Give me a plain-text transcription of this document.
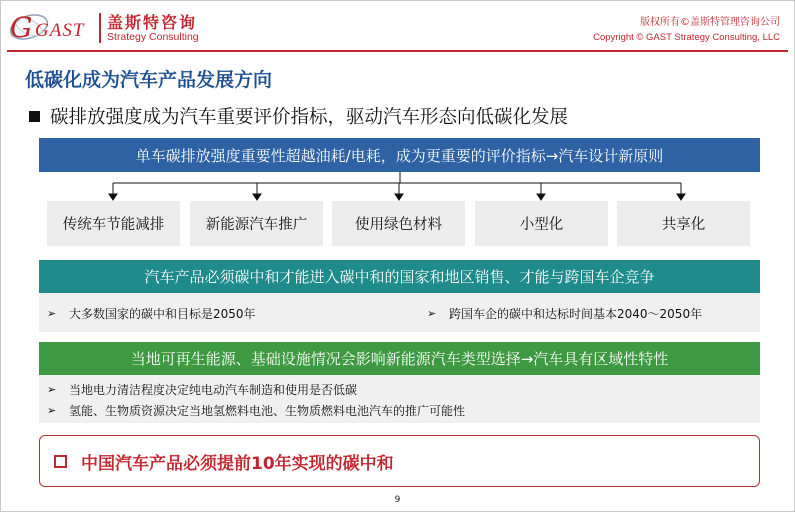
G GAST 盖斯特咨询
Strategy Consulting
版权所有©盖斯特管理咨询公司
Copyright © GAST Strategy Consulting, LLC
低碳化成为汽车产品发展方向
碳排放强度成为汽车重要评价指标，驱动汽车形态向低碳化发展
单车碳排放强度重要性超越油耗/电耗，成为更重要的评价指标→汽车设计新原则
传统车节能减排	新能源汽车推广	使用绿色材料	小型化	共享化
汽车产品必须碳中和才能进入碳中和的国家和地区销售、才能与跨国车企竞争
➢	大多数国家的碳中和目标是2050年	➢	跨国车企的碳中和达标时间基本2040～2050年
当地可再生能源、基础设施情况会影响新能源汽车类型选择→汽车具有区域性特性
➢	当地电力清洁程度决定纯电动汽车制造和使用是否低碳
➢	氢能、生物质资源决定当地氢燃料电池、生物质燃料电池汽车的推广可能性
中国汽车产品必须提前10年实现的碳中和
9
